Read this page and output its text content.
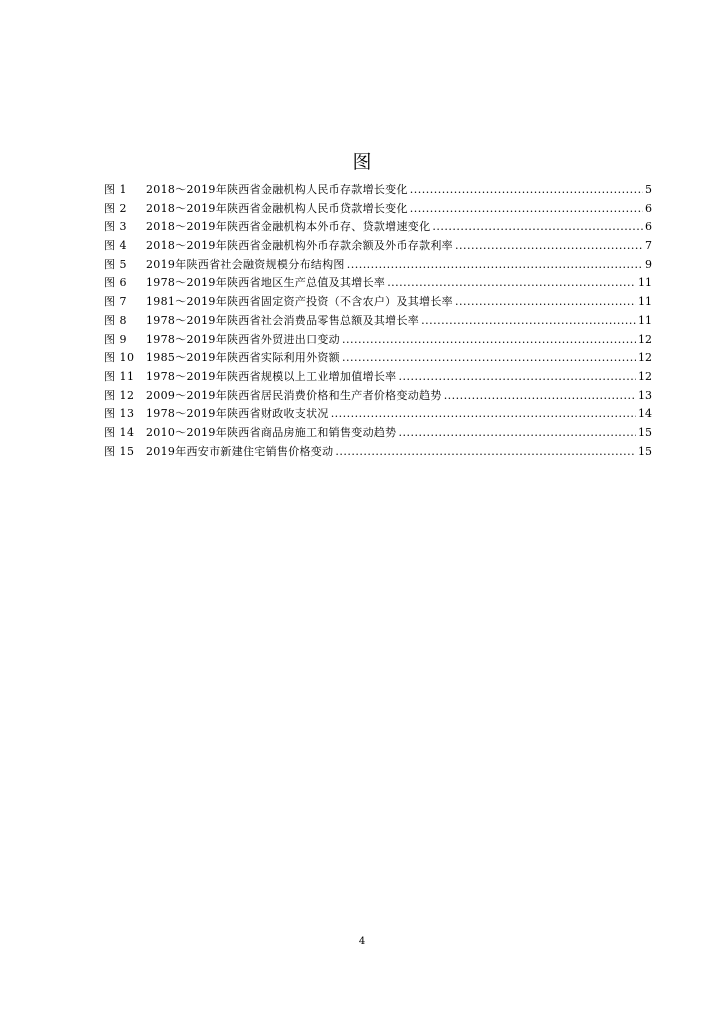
图
图 1	2018～2019年陕西省金融机构人民币存款增长变化 .....	5
图 2	2018～2019年陕西省金融机构人民币贷款增长变化 .....	6
图 3	2018～2019年陕西省金融机构本外币存、贷款增速变化 .....	6
图 4	2018～2019年陕西省金融机构外币存款余额及外币存款利率 .....	7
图 5	2019年陕西省社会融资规模分布结构图 .....	9
图 6	1978～2019年陕西省地区生产总值及其增长率 .....	11
图 7	1981～2019年陕西省固定资产投资（不含农户）及其增长率 .....	11
图 8	1978～2019年陕西省社会消费品零售总额及其增长率 .....	11
图 9	1978～2019年陕西省外贸进出口变动 .....	12
图 10	1985～2019年陕西省实际利用外资额 .....	12
图 11	1978～2019年陕西省规模以上工业增加值增长率 .....	12
图 12	2009～2019年陕西省居民消费价格和生产者价格变动趋势 .....	13
图 13	1978～2019年陕西省财政收支状况 .....	14
图 14	2010～2019年陕西省商品房施工和销售变动趋势 .....	15
图 15	2019年西安市新建住宅销售价格变动 .....	15
4
